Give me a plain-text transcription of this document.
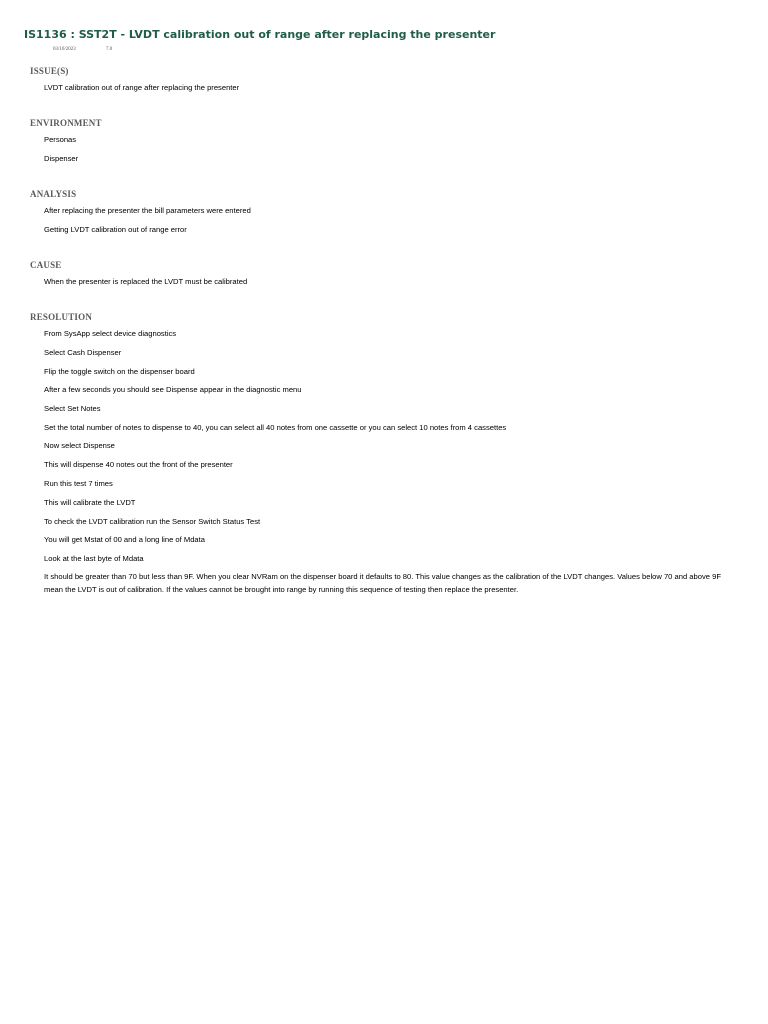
IS1136 : SST2T - LVDT calibration out of range after replacing the presenter
03/10/2023	7.0
ISSUE(S)

LVDT calibration out of range after replacing the presenter

ENVIRONMENT

Personas

Dispenser

ANALYSIS

After replacing the presenter the bill parameters were entered

Getting LVDT calibration out of range error

CAUSE

When the presenter is replaced the LVDT must be calibrated

RESOLUTION

From SysApp select device diagnostics

Select Cash Dispenser

Flip the toggle switch on the dispenser board

After a few seconds you should see Dispense appear in the diagnostic menu

Select Set Notes

Set the total number of notes to dispense to 40, you can select all 40 notes from one cassette or you can select 10 notes from 4 cassettes

Now select Dispense

This will dispense 40 notes out the front of the presenter

Run this test 7 times

This will calibrate the LVDT

To check the LVDT calibration run the Sensor Switch Status Test

You will get Mstat of 00 and a long line of Mdata

Look at the last byte of Mdata

It should be greater than 70 but less than 9F. When you clear NVRam on the dispenser board it defaults to 80. This value changes as the calibration of the LVDT changes. Values below 70 and above 9F mean the LVDT is out of calibration. If the values cannot be brought into range by running this sequence of testing then replace the presenter.
